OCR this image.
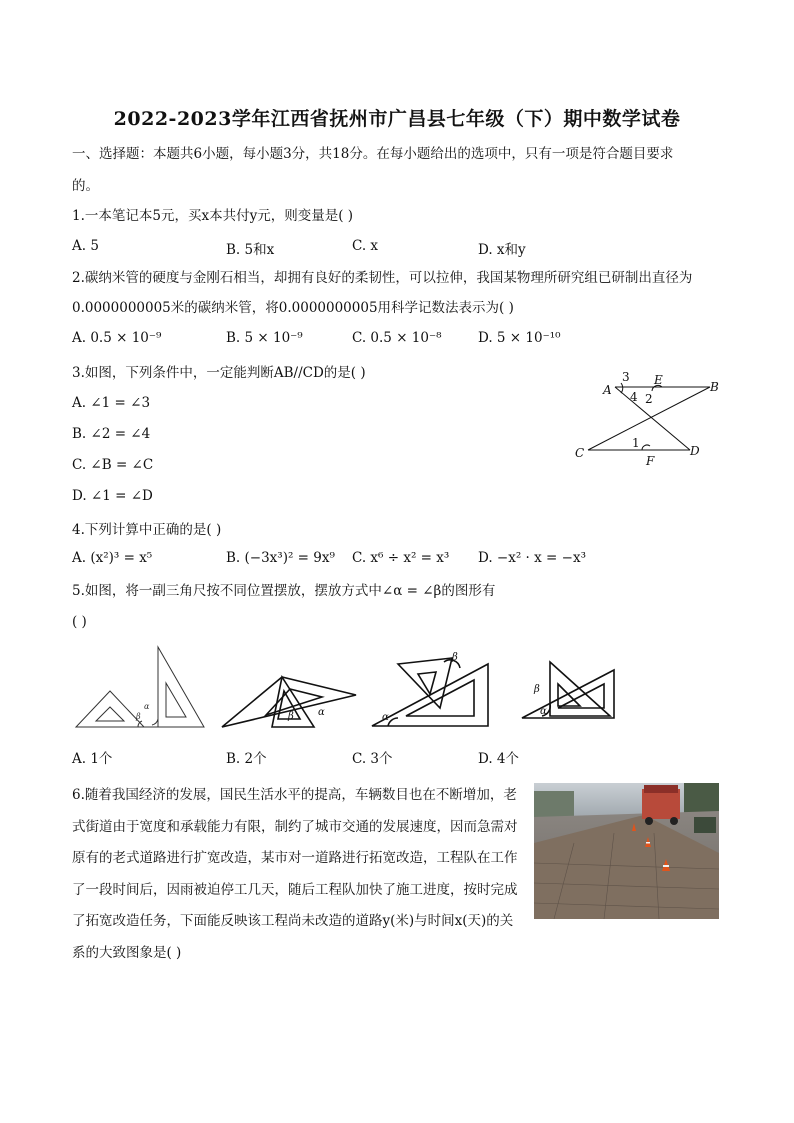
2022-2023学年江西省抚州市广昌县七年级（下）期中数学试卷
一、选择题：本题共6小题，每小题3分，共18分。在每小题给出的选项中，只有一项是符合题目要求
的。
1.一本笔记本5元，买x本共付y元，则变量是( )
A. 5	B. 5和x	C. x	D. x和y
2.碳纳米管的硬度与金刚石相当，却拥有良好的柔韧性，可以拉伸，我国某物理所研究组已研制出直径为
0.0000000005米的碳纳米管，将0.0000000005用科学记数法表示为( )
A. 0.5 × 10⁻⁹	B. 5 × 10⁻⁹	C. 0.5 × 10⁻⁸	D. 5 × 10⁻¹⁰
3.如图，下列条件中，一定能判断AB//CD的是( )
A. ∠1 = ∠3
B. ∠2 = ∠4
C. ∠B = ∠C
D. ∠1 = ∠D
A	B
C	D
E
F
3
4 2
1
4.下列计算中正确的是( )
A. (x²)³ = x⁵	B. (−3x³)² = 9x⁹ C. x⁶ ÷ x² = x³ D. −x² · x = −x³
5.如图，将一副三角尺按不同位置摆放，摆放方式中∠α = ∠β的图形有
( )
α
β	β α
β
α
β
α
A. 1个	B. 2个	C. 3个	D. 4个
6.随着我国经济的发展，国民生活水平的提高，车辆数目也在不断增加，老式街道由于宽度和承载能力有限，制约了城市交通的发展速度，因而急需对原有的老式道路进行扩宽改造，某市对一道路进行拓宽改造，工程队在工作了一段时间后，因雨被迫停工几天，随后工程队加快了施工进度，按时完成了拓宽改造任务，下面能反映该工程尚未改造的道路y(米)与时间x(天)的关系的大致图象是( )
